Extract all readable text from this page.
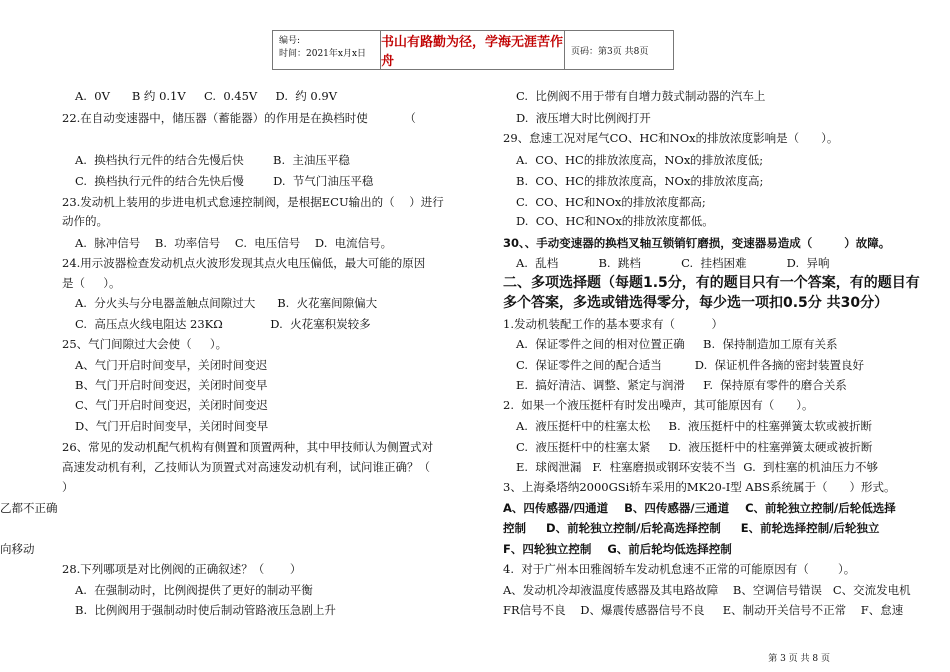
编号:
时间：2021年x月x日
书山有路勤为径，学海无涯苦作舟
页码：第3页 共8页
A.  0V      B 约 0.1V     C.  0.45V     D.  约 0.9V
22.在自动变速器中，储压器（蓄能器）的作用是在换档时使          （
A.  换档执行元件的结合先慢后快        B.  主油压平稳
C.  换档执行元件的结合先快后慢        D.  节气门油压平稳
23.发动机上装用的步进电机式怠速控制阀，是根据ECU输出的（    ）进行
动作的。
A.  脉冲信号    B.  功率信号    C.  电压信号    D.  电流信号。
24.用示波器检查发动机点火波形发现其点火电压偏低，最大可能的原因
是（     ）。
A.  分火头与分电器盖触点间隙过大      B.  火花塞间隙偏大
C.  高压点火线电阻达 23KΩ             D.  火花塞积炭较多
25、气门间隙过大会使（     ）。
A、气门开启时间变早，关闭时间变迟
B、气门开启时间变迟，关闭时间变早
C、气门开启时间变迟，关闭时间变迟
D、气门开启时间变早，关闭时间变早
26、常见的发动机配气机构有侧置和顶置两种，其中甲技师认为侧置式对
高速发动机有利，乙技师认为顶置式对高速发动机有利，试问谁正确？（
）
乙都不正确
向移动
28.下列哪项是对比例阀的正确叙述？（       ）
A.  在强制动时，比例阀提供了更好的制动平衡
B.  比例阀用于强制动时使后制动管路液压急剧上升
C.  比例阀不用于带有自增力鼓式制动器的汽车上
D.  液压增大时比例阀打开
29、怠速工况对尾气CO、HC和NOx的排放浓度影响是（      ）。
A.  CO、HC的排放浓度高，NOx的排放浓度低;
B.  CO、HC的排放浓度高，NOx的排放浓度高;
C.  CO、HC和NOx的排放浓度都高;
D.  CO、HC和NOx的排放浓度都低。
30、、手动变速器的换档叉轴互锁销钉磨损，变速器易造成（        ）故障。
A.  乱档           B.  跳档           C.  挂档困难           D.  异响
二、多项选择题（每题1.5分，有的题目只有一个答案，有的题目有
多个答案，多选或错选得零分，每少选一项扣0.5分 共30分）
1.发动机装配工作的基本要求有（          ）
A.  保证零件之间的相对位置正确     B.  保持制造加工原有关系
C.  保证零件之间的配合适当         D.  保证机件各摘的密封装置良好
E.  搞好清洁、调整、紧定与润滑     F.  保持原有零件的磨合关系
2.  如果一个液压挺杆有时发出噪声，其可能原因有（      ）。
A.  液压挺杆中的柱塞太松     B.  液压挺杆中的柱塞弹簧太软或被折断
C.  液压挺杆中的柱塞太紧     D.  液压挺杆中的柱塞弹簧太硬或被折断
E.  球阀泄漏   F.  柱塞磨损或钢环安装不当  G.  到柱塞的机油压力不够
3、上海桑塔纳2000GSi轿车采用的MK20-Ⅰ型 ABS系统属于（      ）形式。
A、四传感器/四通道    B、四传感器/三通道    C、前轮独立控制/后轮低选择
控制     D、前轮独立控制/后轮高选择控制     E、前轮选择控制/后轮独立
F、四轮独立控制    G、前后轮均低选择控制
4.  对于广州本田雅阁轿车发动机怠速不正常的可能原因有（        ）。
A、发动机冷却液温度传感器及其电路故障    B、空调信号错误   C、交流发电机
FR信号不良    D、爆震传感器信号不良     E、制动开关信号不正常    F、怠速
第 3 页 共 8 页
